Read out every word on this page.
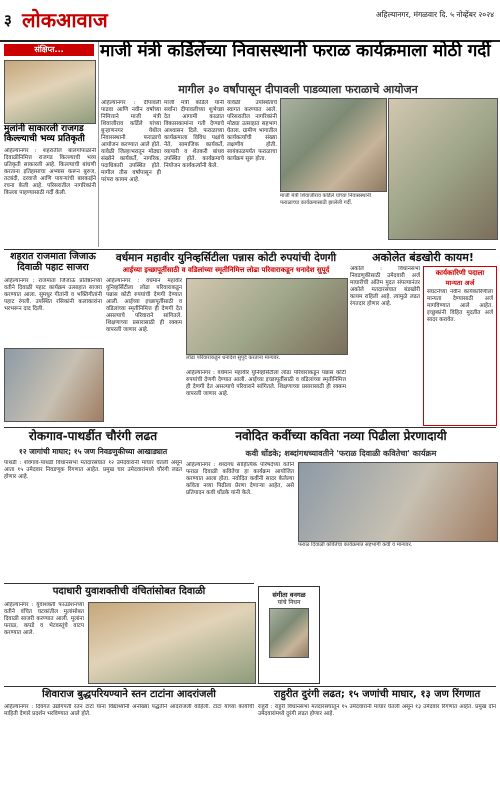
३ लोकआवाज	अहिल्यानगर, मंगळवार दि. ५ नोव्हेंबर २०२४
संक्षिप्त...	माजी मंत्री कर्डिलेंच्या निवासस्थानी फराळ कार्यक्रमाला मोठी गर्दी
मागील ३० वर्षांपासून दीपावली पाडव्याला फराळाचे आयोजन
मुलांनी साकारली राजगड किल्ल्याची भव्य प्रतिकृती
अहिल्यानगर : शहरातील बालगोपाळांनी दिवाळीनिमित्त राजगड किल्ल्याची भव्य प्रतिकृती साकारली आहे. किल्ल्याची बांधणी करताना इतिहासाचा अभ्यास करून बुरुज, तटबंदी, दरवाजे आणि पायऱ्यांची बारकाईने रचना केली आहे. परिसरातील नागरिकांनी किल्ला पाहण्यासाठी गर्दी केली.
अहिल्यानगर : दीपावली पाडवा आणि नवीन वर्षाच्या निमित्ताने माजी मंत्री शिवाजीराव कर्डिले यांच्या बुऱ्हाणनगर येथील निवासस्थानी फराळाचे आयोजन करण्यात आले होते. यावेळी जिल्हाभरातून मोठ्या संख्येने कार्यकर्ते, नागरिक, पदाधिकारी उपस्थित होते. मागील तीस वर्षांपासून ही परंपरा कायम आहे.
माजी मंत्री कर्डिले यांनी सर्वांना दीपावलीच्या शुभेच्छा देत आगामी काळात विकासकामांना गती देण्याचे आश्वासन दिले. फराळाच्या कार्यक्रमाला विविध पक्षांचे नेते, सामाजिक कार्यकर्ते, व्यापारी व शेतकरी बांधव उपस्थित होते. कार्यक्रमाचे नियोजन कार्यकर्त्यांनी केले.
यावेळी उपस्थितांचे स्वागत करण्यात आले. परिसरातील नागरिकांनी मोठ्या उत्साहात सहभाग घेतला. ग्रामीण भागातील कार्यकर्त्यांची संख्या लक्षणीय होती. सायंकाळपर्यंत फराळाचा कार्यक्रम सुरू होता.
माजी मंत्री शिवाजीराव कर्डिले यांच्या निवासस्थानी फराळाच्या कार्यक्रमासाठी झालेली गर्दी.
शहरात राजमाता जिजाऊ दिवाळी पहाट साजरा
अहिल्यानगर : राजमाता जिजाऊ प्रतिष्ठानच्या वतीने दिवाळी पहाट कार्यक्रम उत्साहात साजरा करण्यात आला. सुमधुर गीतांनी व भक्तिगीतांनी पहाट रंगली. उपस्थित रसिकांनी कलाकारांना भरभरून दाद दिली.
वर्धमान महावीर युनिव्हर्सिटीला पन्नास कोटी रुपयांची देणगी
आईच्या इच्छापूर्तीसाठी व वडिलांच्या स्मृतीनिमित्त लोढा परिवाराकडून धनादेश सुपूर्द
अहिल्यानगर : वर्धमान महावीर युनिव्हर्सिटीला लोढा परिवाराकडून पन्नास कोटी रुपयांची देणगी देण्यात आली. आईच्या इच्छापूर्तीसाठी व वडिलांच्या स्मृतीनिमित्त ही देणगी देत असल्याचे परिवाराने सांगितले. शिक्षणाच्या प्रसारासाठी ही रक्कम वापरली जाणार आहे.
लोढा परिवाराकडून धनादेश सुपूर्द करताना मान्यवर.
अहिल्यानगर : वर्धमान महावीर युनिव्हर्सिटीला लोढा परिवाराकडून पन्नास कोटी रुपयांची देणगी देण्यात आली. आईच्या इच्छापूर्तीसाठी व वडिलांच्या स्मृतीनिमित्त ही देणगी देत असल्याचे परिवाराने सांगितले. शिक्षणाच्या प्रसारासाठी ही रक्कम वापरली जाणार आहे.
अकोलेत बंडखोरी कायम!
अकोले : विधानसभा निवडणुकीसाठी उमेदवारी अर्ज माघारीची अंतिम मुदत संपल्यानंतर अकोले मतदारसंघात बंडखोरी कायम राहिली आहे. त्यामुळे लढत रंगतदार होणार आहे.
कार्यकारिणी पदाला
मान्यता अर्ज
संघटनेच्या नवीन कार्यकारिणीला मान्यता देण्यासाठी अर्ज मागविण्यात आले आहेत. इच्छुकांनी विहित मुदतीत अर्ज सादर करावेत.
रोकगाव-पाथर्डीत चौरंगी लढत
१२ जागांची माघार; १५ जण निवडणुकीच्या आखाड्यात
पाथर्डी : शेवगाव-पाथर्डी विधानसभा मतदारसंघात १२ उमेदवारांनी माघार घेतली असून आता १५ उमेदवार निवडणूक रिंगणात आहेत. प्रमुख चार उमेदवारांमध्ये चौरंगी लढत होणार आहे.
नवोदित कवींच्या कविता नव्या पिढीला प्रेरणादायी
कवी धोंडके; शब्दांगधच्यावतीने 'फराळ दिवाळी कवितेचा' कार्यक्रम
अहिल्यानगर : शब्दगंध साहित्यिक परिषदेच्या वतीने फराळ दिवाळी कवितेचा हा कार्यक्रम आयोजित करण्यात आला होता. नवोदित कवींनी सादर केलेल्या कविता नव्या पिढीला प्रेरणा देणाऱ्या आहेत, असे प्रतिपादन कवी धोंडके यांनी केले.
फराळ दिवाळी कवितेचा कार्यक्रमात सहभागी कवी व मान्यवर.
पदाधारी युवाशक्तीची वंचितांसोबत दिवाळी
अहिल्यानगर : युवाशक्ती फाउंडेशनच्या वतीने वंचित घटकांतील मुलांसोबत दिवाळी साजरी करण्यात आली. मुलांना फराळ, कपडे व भेटवस्तूंचे वाटप करण्यात आले.
संगीता वनगळ
यांचे निधन
शिवाराज बुद्धपरियण्याने स्तन टाटांना आदरांजली
अहिल्यानगर : दिवंगत उद्योगपती रतन टाटा यांना विद्यार्थ्यांनी अनोख्या पद्धतीने आदरांजली वाहिली. टाटा यांच्या कार्याची माहिती देणारे प्रदर्शन भरविण्यात आले होते.
राहुरीत दुरंगी लढत; १५ जणांची माघार, १३ जण रिंगणात
राहुरी : राहुरी विधानसभा मतदारसंघातून १५ उमेदवारांनी माघार घेतली असून १३ उमेदवार रिंगणात आहेत. प्रमुख दोन उमेदवारांमध्ये दुरंगी लढत होणार आहे.
